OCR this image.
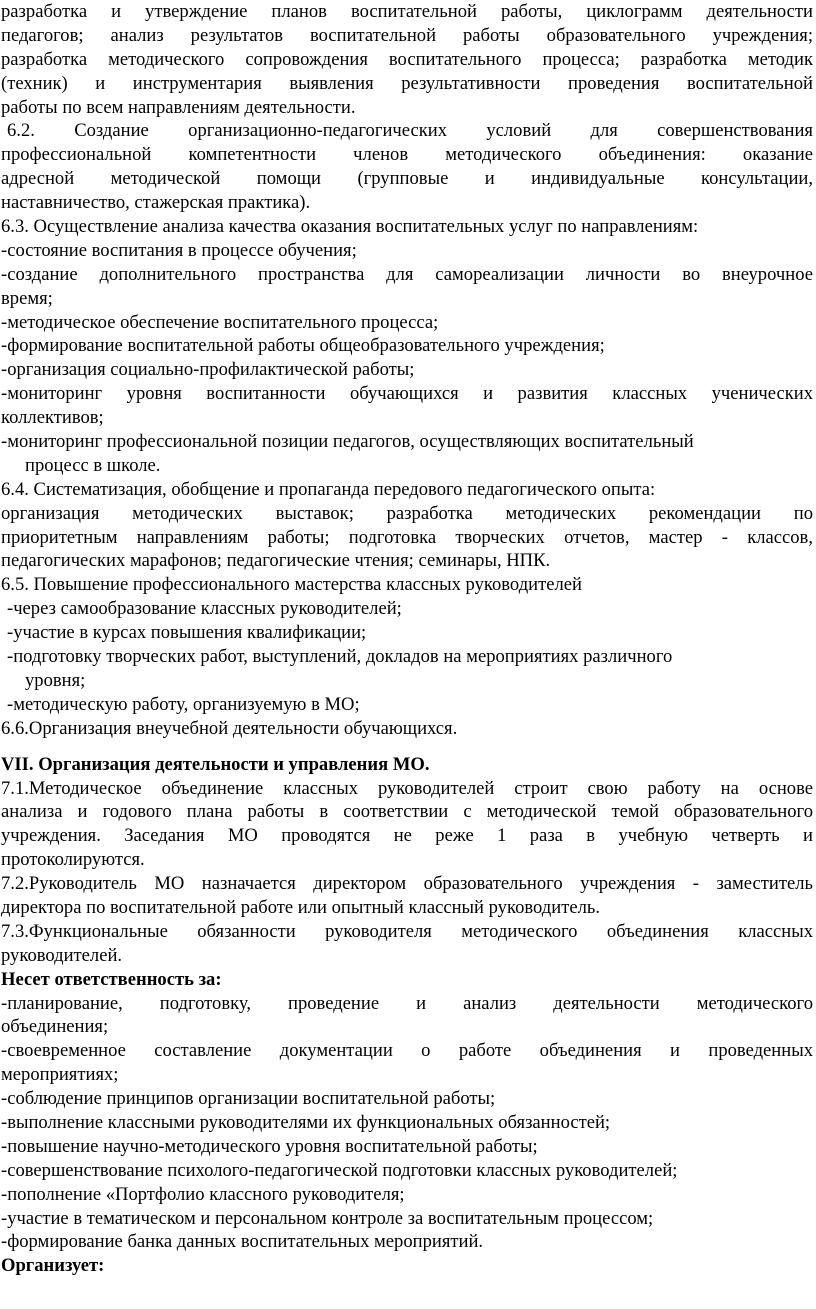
разработка и утверждение планов воспитательной работы, циклограмм деятельности
педагогов; анализ результатов воспитательной работы образовательного учреждения;
разработка методического сопровождения воспитательного процесса; разработка методик
(техник) и инструментария выявления результативности проведения воспитательной
работы по всем направлениям деятельности.
6.2. Создание организационно-педагогических условий для совершенствования
профессиональной компетентности членов методического объединения: оказание
адресной методической помощи (групповые и индивидуальные консультации,
наставничество, стажерская практика).
6.3. Осуществление анализа качества оказания воспитательных услуг по направлениям:
-состояние воспитания в процессе обучения;
-создание дополнительного пространства для самореализации личности во внеурочное
время;
-методическое обеспечение воспитательного процесса;
-формирование воспитательной работы общеобразовательного учреждения;
-организация социально-профилактической работы;
-мониторинг уровня воспитанности обучающихся и развития классных ученических
коллективов;
-мониторинг профессиональной позиции педагогов, осуществляющих воспитательный
процесс в школе.
6.4. Систематизация, обобщение и пропаганда передового педагогического опыта:
организация методических выставок; разработка методических рекомендации по
приоритетным направлениям работы; подготовка творческих отчетов, мастер - классов,
педагогических марафонов; педагогические чтения; семинары, НПК.
6.5. Повышение профессионального мастерства классных руководителей
-через самообразование классных руководителей;
-участие в курсах повышения квалификации;
-подготовку творческих работ, выступлений, докладов на мероприятиях различного
уровня;
-методическую работу, организуемую в МО;
6.6.Организация внеучебной деятельности обучающихся.
VII. Организация деятельности и управления МО.
7.1.Методическое объединение классных руководителей строит свою работу на основе
анализа и годового плана работы в соответствии с методической темой образовательного
учреждения. Заседания МО проводятся не реже 1 раза в учебную четверть и
протоколируются.
7.2.Руководитель МО назначается директором образовательного учреждения - заместитель
директора по воспитательной работе или опытный классный руководитель.
7.3.Функциональные обязанности руководителя методического объединения классных
руководителей.
Несет ответственность за:
-планирование, подготовку, проведение и анализ деятельности методического
объединения;
-своевременное составление документации о работе объединения и проведенных
мероприятиях;
-соблюдение принципов организации воспитательной работы;
-выполнение классными руководителями их функциональных обязанностей;
-повышение научно-методического уровня воспитательной работы;
-совершенствование психолого-педагогической подготовки классных руководителей;
-пополнение «Портфолио классного руководителя;
-участие в тематическом и персональном контроле за воспитательным процессом;
-формирование банка данных воспитательных мероприятий.
Организует:
